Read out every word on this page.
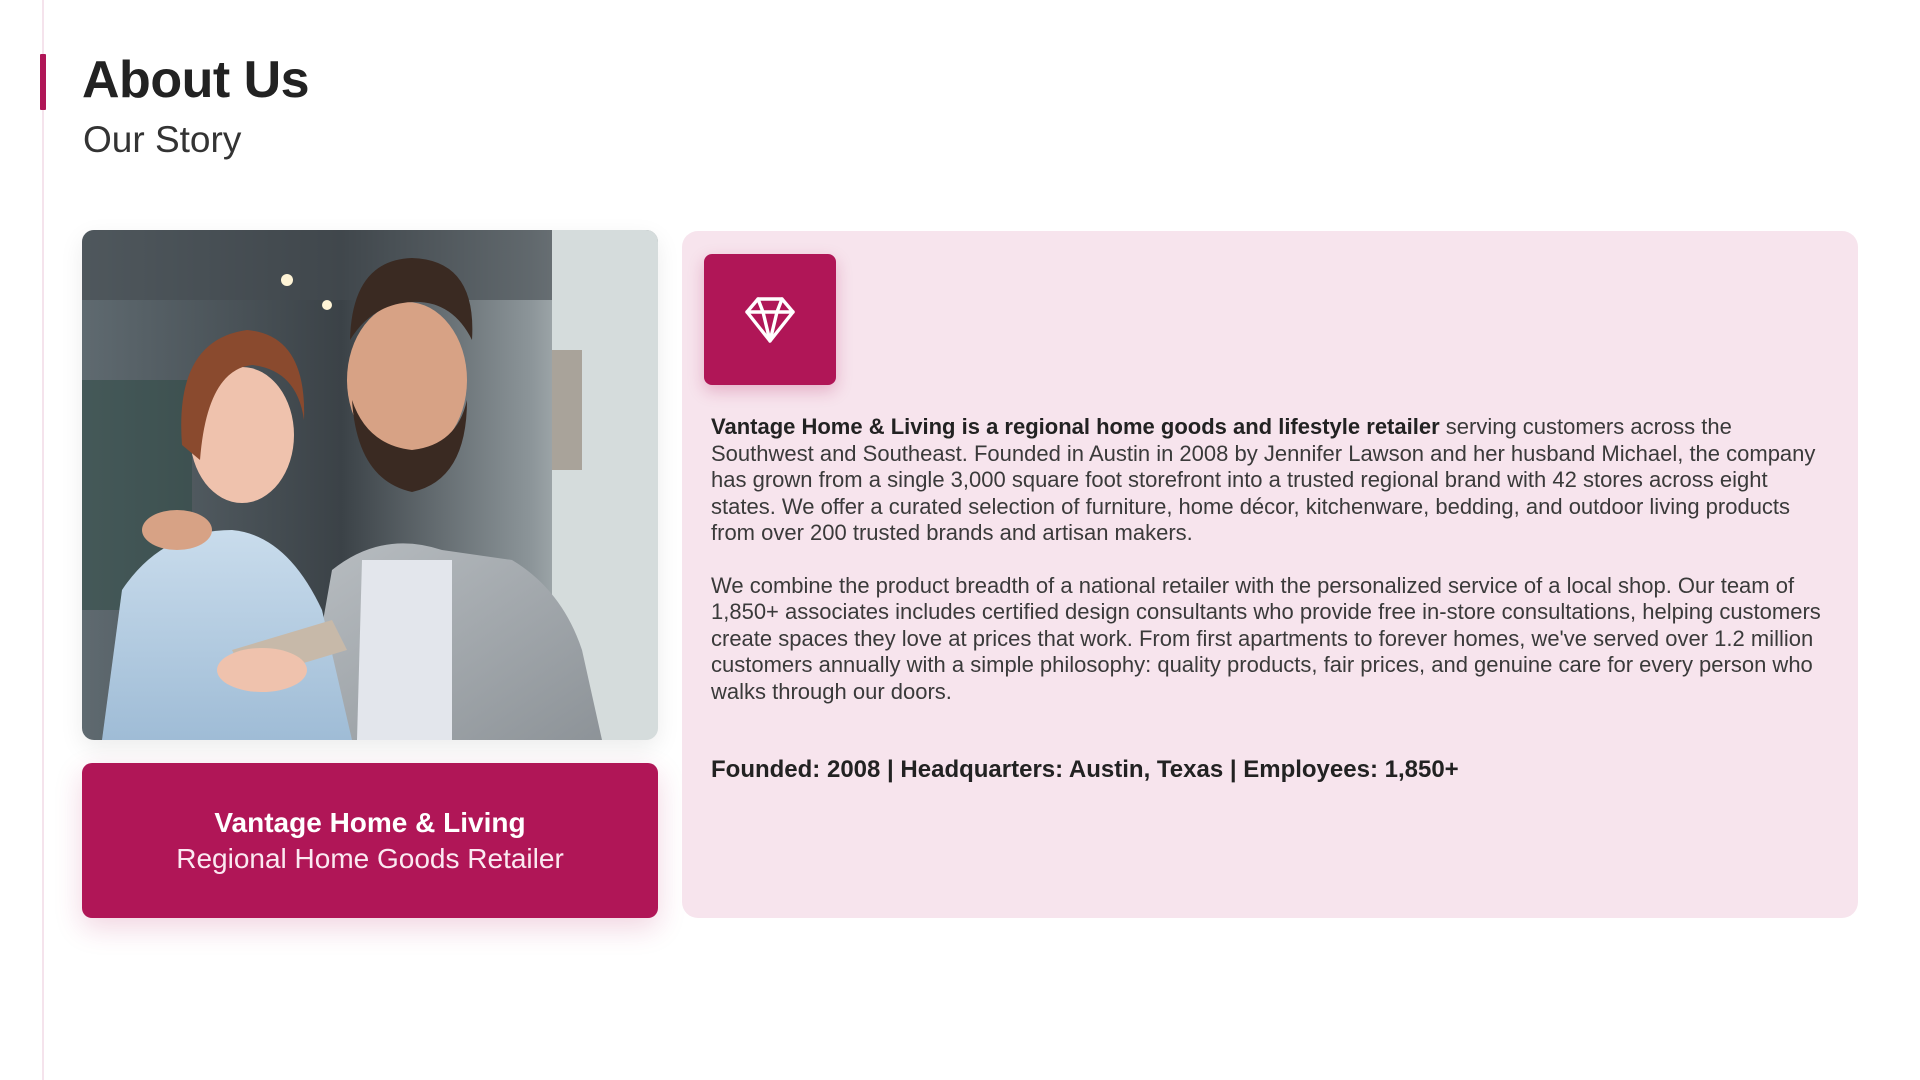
About Us
Our Story
Vantage Home & Living
Regional Home Goods Retailer

Vantage Home & Living is a regional home goods and lifestyle retailer serving customers across the Southwest and Southeast. Founded in Austin in 2008 by Jennifer Lawson and her husband Michael, the company has grown from a single 3,000 square foot storefront into a trusted regional brand with 42 stores across eight states. We offer a curated selection of furniture, home décor, kitchenware, bedding, and outdoor living products from over 200 trusted brands and artisan makers.

We combine the product breadth of a national retailer with the personalized service of a local shop. Our team of 1,850+ associates includes certified design consultants who provide free in-store consultations, helping customers create spaces they love at prices that work. From first apartments to forever homes, we've served over 1.2 million customers annually with a simple philosophy: quality products, fair prices, and genuine care for every person who walks through our doors.

Founded: 2008 | Headquarters: Austin, Texas | Employees: 1,850+
